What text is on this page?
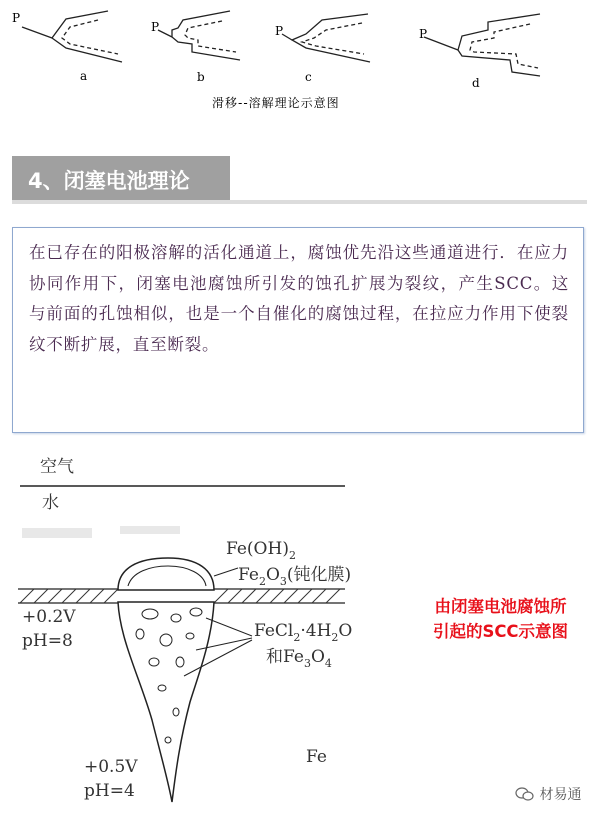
P
a
P
b
P
c
P
d
滑移--溶解理论示意图
4、闭塞电池理论
在已存在的阳极溶解的活化通道上，腐蚀优先沿这些通道进行．在应力协同作用下，闭塞电池腐蚀所引发的蚀孔扩展为裂纹，产生SCC。这与前面的孔蚀相似，也是一个自催化的腐蚀过程，在拉应力作用下使裂纹不断扩展，直至断裂。
空气
水
$Fe(OH)_2$
$Fe_2O_3$(钝化膜)
$FeCl_2\cdot 4H_2O$
和$Fe_3O_4$
+0.2V
pH=8
+0.5V
pH=4
Fe
由闭塞电池腐蚀所
引起的SCC示意图
材易通
